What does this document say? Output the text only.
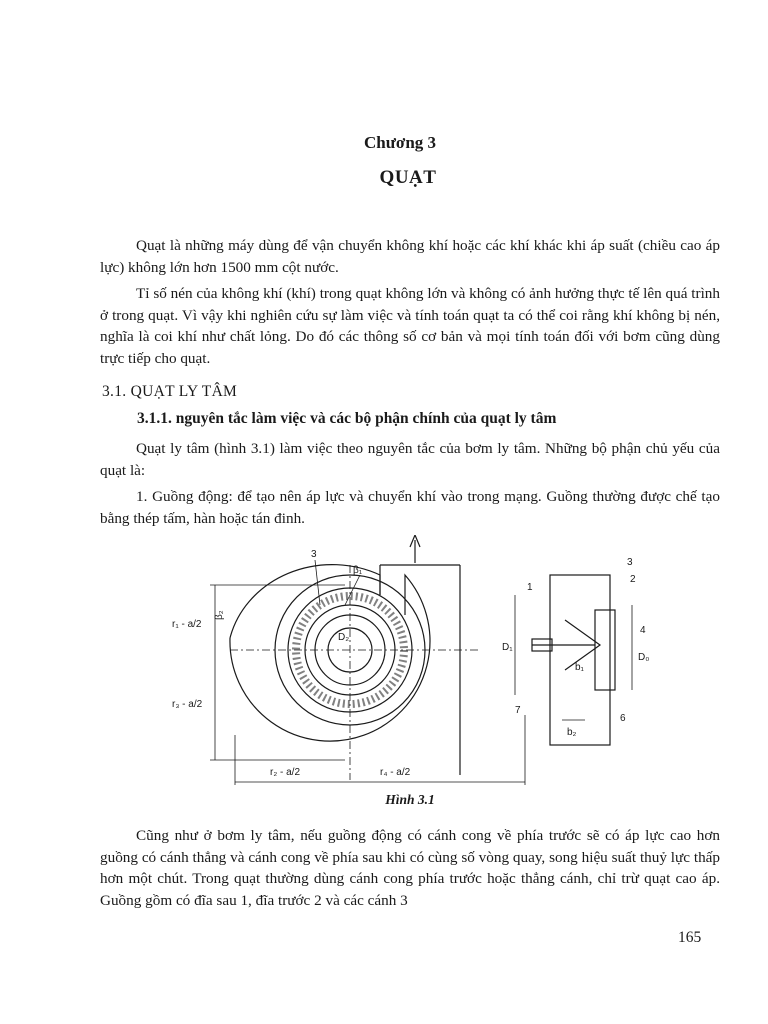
Chương 3
QUẠT

Quạt là những máy dùng để vận chuyển không khí hoặc các khí khác khi áp suất (chiều cao áp lực) không lớn hơn 1500 mm cột nước.

Tỉ số nén của không khí (khí) trong quạt không lớn và không có ảnh hưởng thực tế lên quá trình ở trong quạt. Vì vậy khi nghiên cứu sự làm việc và tính toán quạt ta có thể coi rằng khí không bị nén, nghĩa là coi khí như chất lỏng. Do đó các thông số cơ bản và mọi tính toán đối với bơm cũng dùng trực tiếp cho quạt.

3.1. QUẠT LY TÂM
3.1.1. nguyên tắc làm việc và các bộ phận chính của quạt ly tâm

Quạt ly tâm (hình 3.1) làm việc theo nguyên tắc của bơm ly tâm. Những bộ phận chủ yếu của quạt là:

1. Guồng động: để tạo nên áp lực và chuyển khí vào trong mạng. Guồng thường được chế tạo bằng thép tấm, hàn hoặc tán đinh.

3
β₁
β₂
D₂
r₁ - a/2
r₃ - a/2
r₂ - a/2	r₄ - a/2
3
2
1
4
D₁
D₀
b₁
b₂
7
6
Hình 3.1

Cũng như ở bơm ly tâm, nếu guồng động có cánh cong về phía trước sẽ có áp lực cao hơn guồng có cánh thẳng và cánh cong về phía sau khi có cùng số vòng quay, song hiệu suất thuỷ lực thấp hơn một chút. Trong quạt thường dùng cánh cong phía trước hoặc thẳng cánh, chỉ trừ quạt cao áp. Guồng gồm có đĩa sau 1, đĩa trước 2 và các cánh 3

165
